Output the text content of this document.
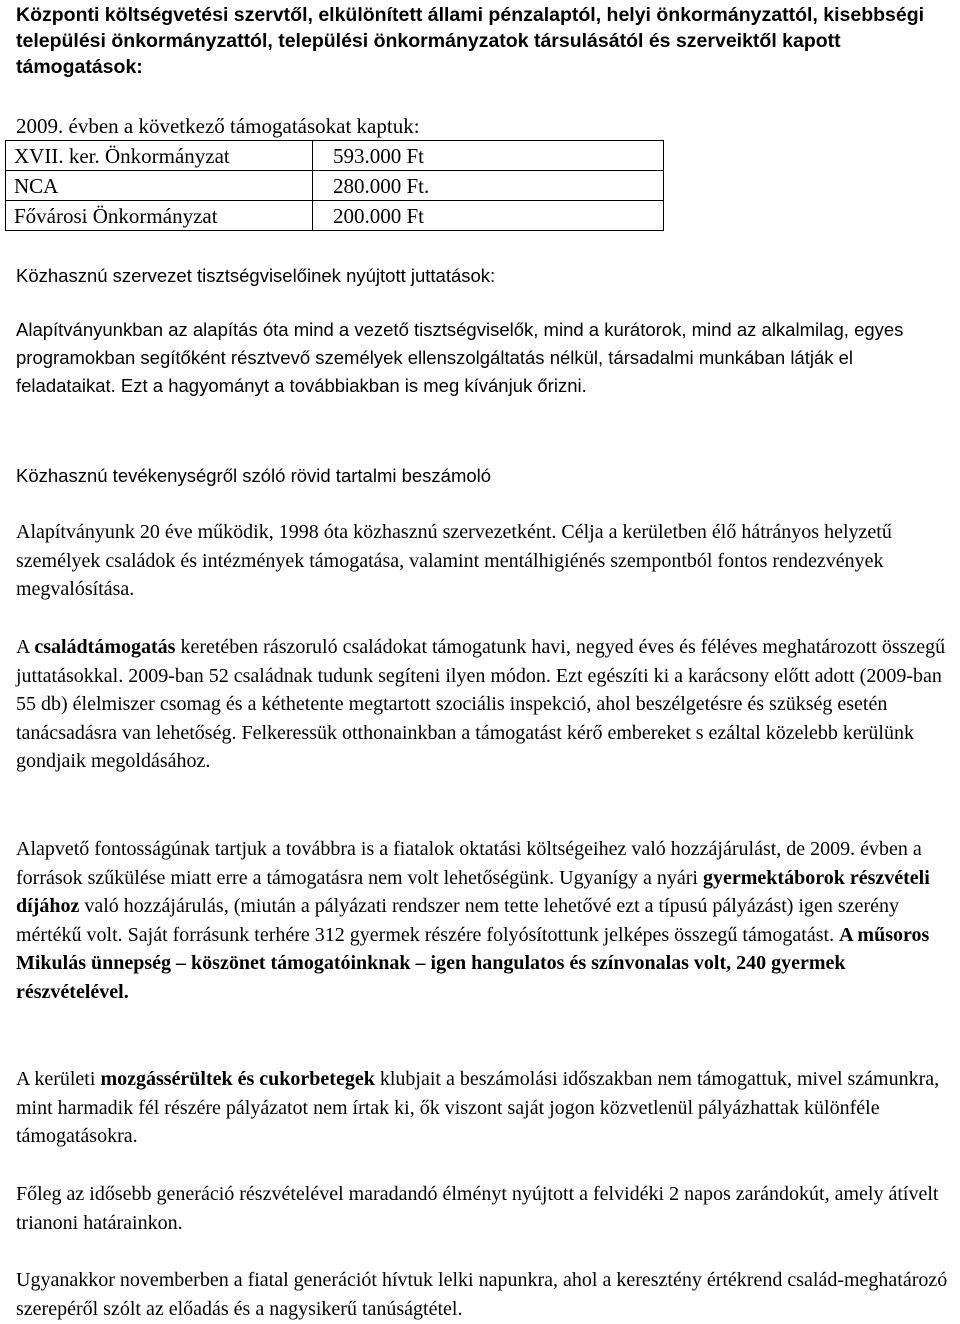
Központi költségvetési szervtől, elkülönített állami pénzalaptól, helyi önkormányzattól, kisebbségi települési önkormányzattól, települési önkormányzatok társulásától és szerveiktől kapott támogatások:

2009. évben a következő támogatásokat kaptuk:

XVII. ker. Önkormányzat	593.000 Ft
NCA	280.000 Ft.
Fővárosi Önkormányzat	200.000 Ft

Közhasznú szervezet tisztségviselőinek nyújtott juttatások:

Alapítványunkban az alapítás óta mind a vezető tisztségviselők, mind a kurátorok, mind az alkalmilag, egyes programokban segítőként résztvevő személyek ellenszolgáltatás nélkül, társadalmi munkában látják el feladataikat. Ezt a hagyományt a továbbiakban is meg kívánjuk őrizni.

Közhasznú tevékenységről szóló rövid tartalmi beszámoló

Alapítványunk 20 éve működik, 1998 óta közhasznú szervezetként. Célja a kerületben élő hátrányos helyzetű személyek családok és intézmények támogatása, valamint mentálhigiénés szempontból fontos rendezvények megvalósítása.

A családtámogatás keretében rászoruló családokat támogatunk havi, negyed éves és féléves meghatározott összegű juttatásokkal. 2009-ban 52 családnak tudunk segíteni ilyen módon. Ezt egészíti ki a karácsony előtt adott (2009-ban 55 db) élelmiszer csomag és a kéthetente megtartott szociális inspekció, ahol beszélgetésre és szükség esetén tanácsadásra van lehetőség. Felkeressük otthonainkban a támogatást kérő embereket s ezáltal közelebb kerülünk gondjaik megoldásához.

Alapvető fontosságúnak tartjuk a továbbra is a fiatalok oktatási költségeihez való hozzájárulást, de 2009. évben a források szűkülése miatt erre a támogatásra nem volt lehetőségünk. Ugyanígy a nyári gyermektáborok részvételi díjához való hozzájárulás, (miután a pályázati rendszer nem tette lehetővé ezt a típusú pályázást) igen szerény mértékű volt. Saját forrásunk terhére 312 gyermek részére folyósítottunk jelképes összegű támogatást. A műsoros Mikulás ünnepség – köszönet támogatóinknak – igen hangulatos és színvonalas volt, 240 gyermek részvételével.

A kerületi mozgássérültek és cukorbetegek klubjait a beszámolási időszakban nem támogattuk, mivel számunkra, mint harmadik fél részére pályázatot nem írtak ki, ők viszont saját jogon közvetlenül pályázhattak különféle támogatásokra.

Főleg az idősebb generáció részvételével maradandó élményt nyújtott a felvidéki 2 napos zarándokút, amely átívelt trianoni határainkon.

Ugyanakkor novemberben a fiatal generációt hívtuk lelki napunkra, ahol a keresztény értékrend család-meghatározó szerepéről szólt az előadás és a nagysikerű tanúságtétel.
